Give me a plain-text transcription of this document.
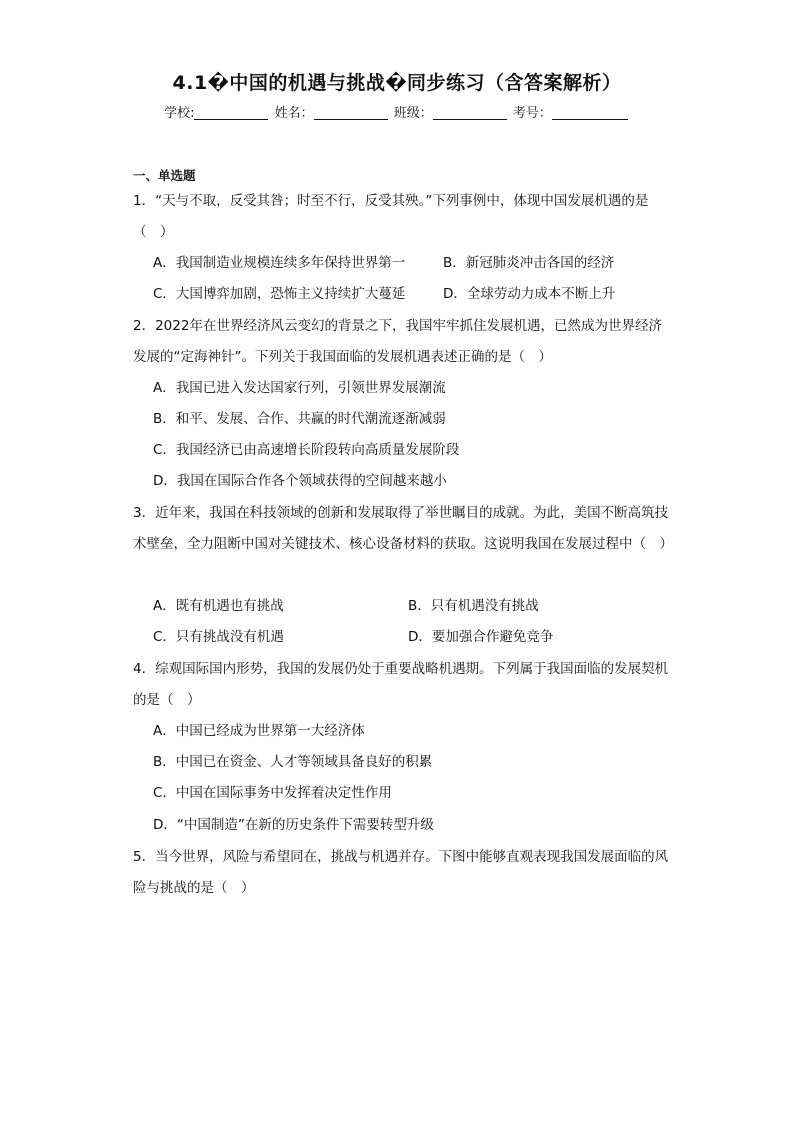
4.1�中国的机遇与挑战�同步练习（含答案解析）
学校:	姓名：	班级：	考号：
一、单选题
1．“天与不取，反受其咎；时至不行，反受其殃。”下列事例中，体现中国发展机遇的是（　）
A．我国制造业规模连续多年保持世界第一	B．新冠肺炎冲击各国的经济
C．大国博弈加剧，恐怖主义持续扩大蔓延	D．全球劳动力成本不断上升
2．2022年在世界经济风云变幻的背景之下，我国牢牢抓住发展机遇，已然成为世界经济发展的“定海神针”。下列关于我国面临的发展机遇表述正确的是（　）
A．我国已进入发达国家行列，引领世界发展潮流
B．和平、发展、合作、共赢的时代潮流逐渐减弱
C．我国经济已由高速增长阶段转向高质量发展阶段
D．我国在国际合作各个领域获得的空间越来越小
3．近年来，我国在科技领域的创新和发展取得了举世瞩目的成就。为此，美国不断高筑技术壁垒，全力阻断中国对关键技术、核心设备材料的获取。这说明我国在发展过程中（　）
A．既有机遇也有挑战	B．只有机遇没有挑战
C．只有挑战没有机遇	D．要加强合作避免竞争
4．综观国际国内形势，我国的发展仍处于重要战略机遇期。下列属于我国面临的发展契机的是（　）
A．中国已经成为世界第一大经济体
B．中国已在资金、人才等领域具备良好的积累
C．中国在国际事务中发挥着决定性作用
D．“中国制造”在新的历史条件下需要转型升级
5．当今世界，风险与希望同在，挑战与机遇并存。下图中能够直观表现我国发展面临的风险与挑战的是（　）
